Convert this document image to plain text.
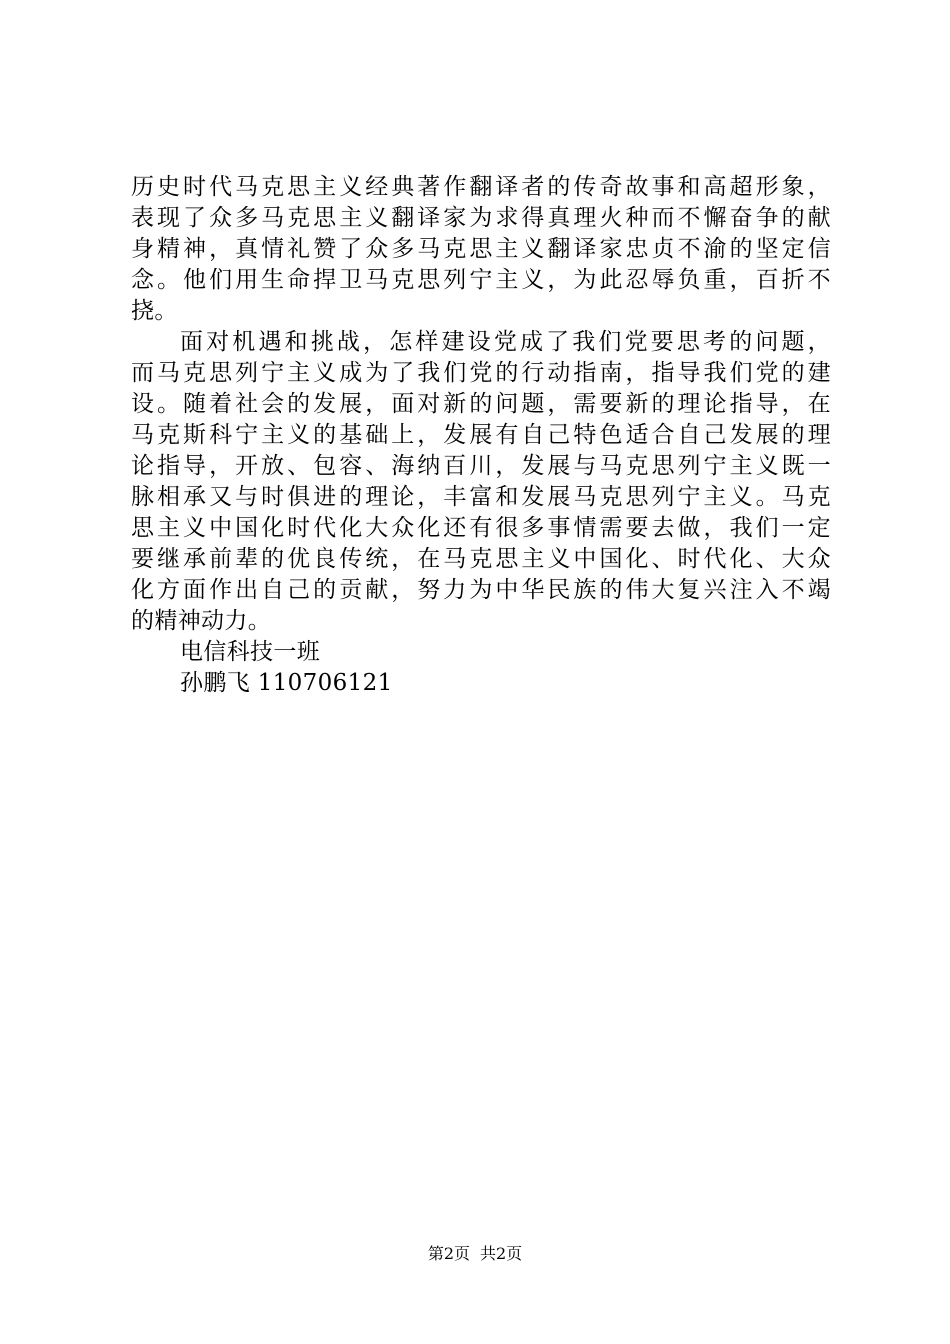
历史时代马克思主义经典著作翻译者的传奇故事和高超形象，
表现了众多马克思主义翻译家为求得真理火种而不懈奋争的献
身精神，真情礼赞了众多马克思主义翻译家忠贞不渝的坚定信
念。他们用生命捍卫马克思列宁主义，为此忍辱负重，百折不
挠。
面对机遇和挑战，怎样建设党成了我们党要思考的问题，
而马克思列宁主义成为了我们党的行动指南，指导我们党的建
设。随着社会的发展，面对新的问题，需要新的理论指导，在
马克斯科宁主义的基础上，发展有自己特色适合自己发展的理
论指导，开放、包容、海纳百川，发展与马克思列宁主义既一
脉相承又与时俱进的理论，丰富和发展马克思列宁主义。马克
思主义中国化时代化大众化还有很多事情需要去做，我们一定
要继承前辈的优良传统，在马克思主义中国化、时代化、大众
化方面作出自己的贡献，努力为中华民族的伟大复兴注入不竭
的精神动力。
电信科技一班
孙鹏飞 110706121
第2页 共2页
